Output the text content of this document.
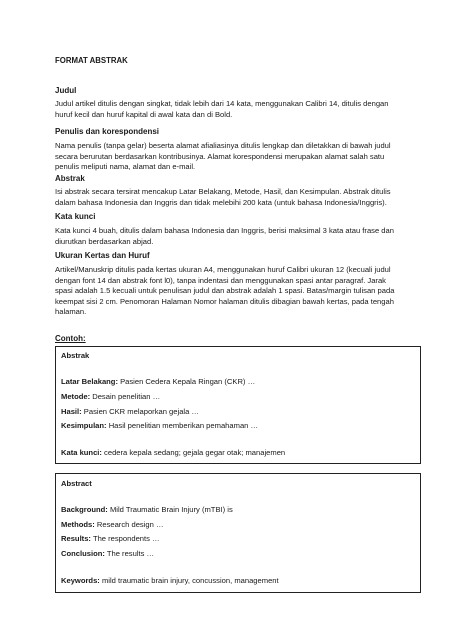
FORMAT ABSTRAK
Judul
Judul artikel ditulis dengan singkat, tidak lebih dari 14 kata, menggunakan Calibri 14, ditulis dengan
huruf kecil dan huruf kapital di awal kata dan di Bold.
Penulis dan korespondensi
Nama penulis (tanpa gelar) beserta alamat afialiasinya ditulis lengkap dan diletakkan di bawah judul
secara berurutan berdasarkan kontribusinya. Alamat korespondensi merupakan alamat salah satu
penulis meliputi nama, alamat dan e-mail.
Abstrak
Isi abstrak secara tersirat mencakup Latar Belakang, Metode, Hasil, dan Kesimpulan. Abstrak ditulis
dalam bahasa Indonesia dan Inggris dan tidak melebihi 200 kata (untuk bahasa Indonesia/Inggris).
Kata kunci
Kata kunci 4 buah, ditulis dalam bahasa Indonesia dan Inggris, berisi maksimal 3 kata atau frase dan
diurutkan berdasarkan abjad.
Ukuran Kertas dan Huruf
Artikel/Manuskrip ditulis pada kertas ukuran A4, menggunakan huruf Calibri ukuran 12 (kecuali judul
dengan font 14 dan abstrak font l0), tanpa indentasi dan menggunakan spasi antar paragraf. Jarak
spasi adalah 1.5 kecuali untuk penulisan judul dan abstrak adalah 1 spasi. Batas/margin tulisan pada
keempat sisi 2 cm. Penomoran Halaman Nomor halaman ditulis dibagian bawah kertas, pada tengah
halaman.
Contoh:
Abstrak
Latar Belakang: Pasien Cedera Kepala Ringan (CKR) …
Metode: Desain penelitian …
Hasil: Pasien CKR melaporkan gejala …
Kesimpulan: Hasil penelitian memberikan pemahaman …
Kata kunci: cedera kepala sedang; gejala gegar otak; manajemen
Abstract
Background: Mild Traumatic Brain Injury (mTBI) is
Methods: Research design …
Results: The respondents …
Conclusion: The results …
Keywords: mild traumatic brain injury, concussion, management
